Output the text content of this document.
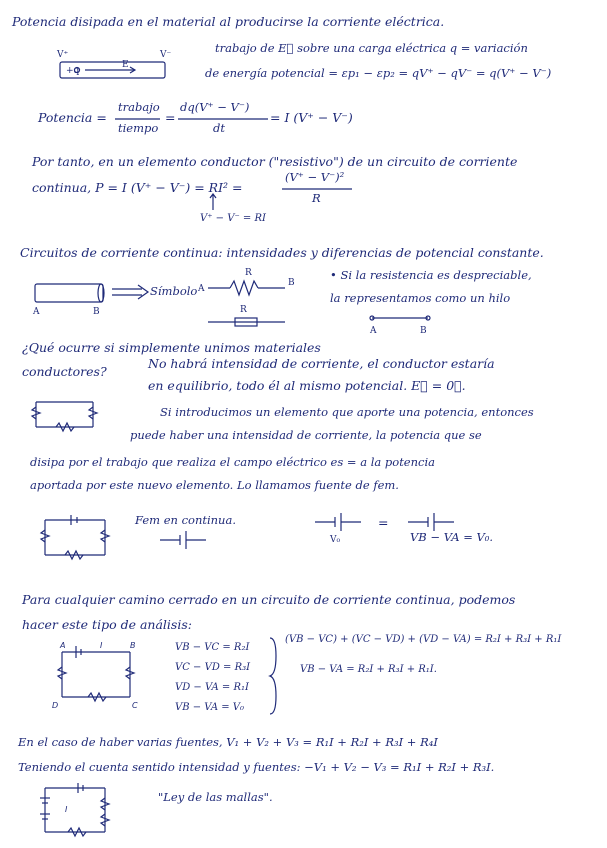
Potencia disipada en el material al producirse la corriente eléctrica.
V⁺	V⁻
E
+q
trabajo de E⃗ sobre una carga eléctrica q = variación
de energía potencial = εp₁ − εp₂ = qV⁺ − qV⁻ = q(V⁺ − V⁻)
Potencia =
trabajo
tiempo
=
dq(V⁺ − V⁻)
dt
= I (V⁺ − V⁻)
Por tanto, en un elemento conductor ("resistivo") de un circuito de corriente
continua, P = I (V⁺ − V⁻) = RI² =
(V⁺ − V⁻)²
R
V⁺ − V⁻ = RI
Circuitos de corriente continua: intensidades y diferencias de potencial constante.
A	B
Símbolo A
R
B
R
• Si la resistencia es despreciable,
la representamos como un hilo
A	B
¿Qué ocurre si simplemente unimos materiales
conductores?
No habrá intensidad de corriente, el conductor estaría
en equilibrio, todo él al mismo potencial. E⃗ = 0⃗.
Si introducimos un elemento que aporte una potencia, entonces
puede haber una intensidad de corriente, la potencia que se
disipa por el trabajo que realiza el campo eléctrico es = a la potencia
aportada por este nuevo elemento. Lo llamamos fuente de fem.
Fem en continua.	=
V₀	VB − VA = V₀.
Para cualquier camino cerrado en un circuito de corriente continua, podemos
hacer este tipo de análisis:
A	B
D	C
I	VB − VC = R₂I
VC − VD = R₃I
VD − VA = R₁I
VB − VA = V₀
(VB − VC) + (VC − VD) + (VD − VA) = R₂I + R₃I + R₁I
VB − VA = R₂I + R₃I + R₁I.
En el caso de haber varias fuentes, V₁ + V₂ + V₃ = R₁I + R₂I + R₃I + R₄I
Teniendo el cuenta sentido intensidad y fuentes: −V₁ + V₂ − V₃ = R₁I + R₂I + R₃I.
I
"Ley de las mallas".
